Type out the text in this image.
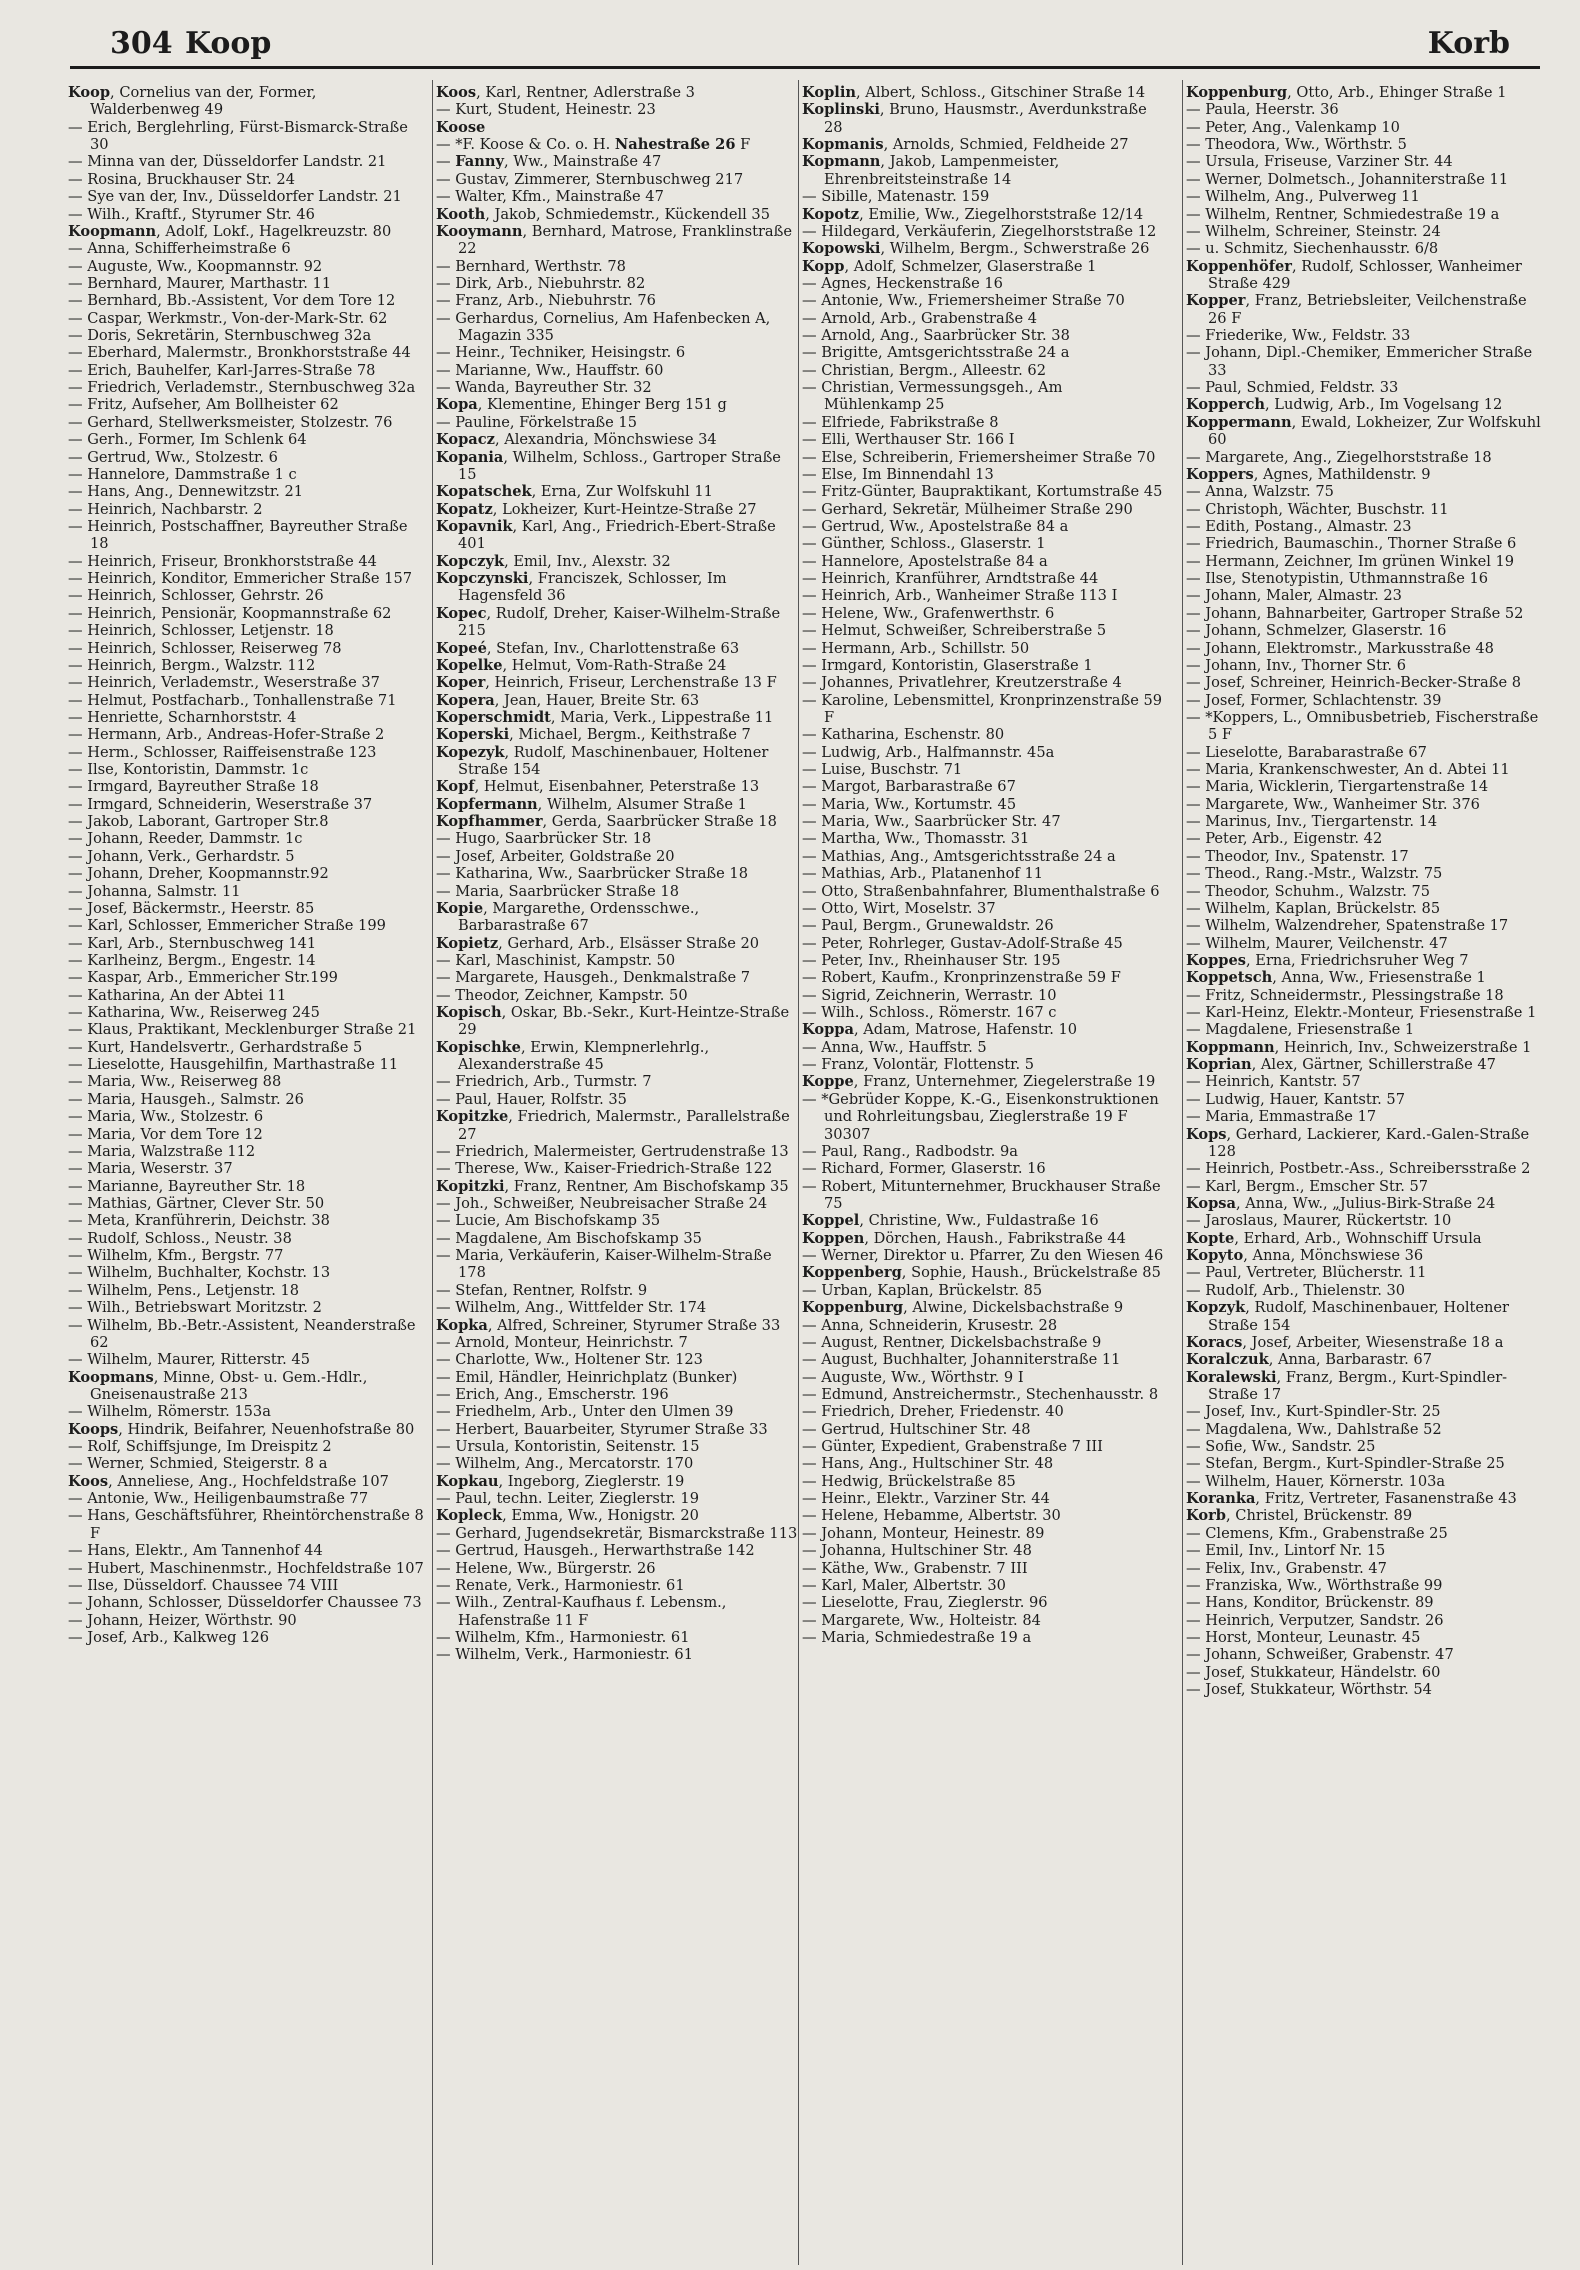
304 Koop	Korb

Koop, Cornelius van der, Former, Walderbenweg 49

— Erich, Berglehrling, Fürst-Bismarck-Straße 30

— Minna van der, Düsseldorfer Landstr. 21

— Rosina, Bruckhauser Str. 24

— Sye van der, Inv., Düsseldorfer Landstr. 21

— Wilh., Kraftf., Styrumer Str. 46

Koopmann, Adolf, Lokf., Hagelkreuzstr. 80

— Anna, Schifferheimstraße 6

— Auguste, Ww., Koopmannstr. 92

— Bernhard, Maurer, Marthastr. 11

— Bernhard, Bb.-Assistent, Vor dem Tore 12

— Caspar, Werkmstr., Von-der-Mark-Str. 62

— Doris, Sekretärin, Sternbuschweg 32a

— Eberhard, Malermstr., Bronkhorststraße 44

— Erich, Bauhelfer, Karl-Jarres-Straße 78

— Friedrich, Verlademstr., Sternbuschweg 32a

— Fritz, Aufseher, Am Bollheister 62

— Gerhard, Stellwerksmeister, Stolzestr. 76

— Gerh., Former, Im Schlenk 64

— Gertrud, Ww., Stolzestr. 6

— Hannelore, Dammstraße 1 c

— Hans, Ang., Dennewitzstr. 21

— Heinrich, Nachbarstr. 2

— Heinrich, Postschaffner, Bayreuther Straße 18

— Heinrich, Friseur, Bronkhorststraße 44

— Heinrich, Konditor, Emmericher Straße 157

— Heinrich, Schlosser, Gehrstr. 26

— Heinrich, Pensionär, Koopmannstraße 62

— Heinrich, Schlosser, Letjenstr. 18

— Heinrich, Schlosser, Reiserweg 78

— Heinrich, Bergm., Walzstr. 112

— Heinrich, Verlademstr., Weserstraße 37

— Helmut, Postfacharb., Tonhallenstraße 71

— Henriette, Scharnhorststr. 4

— Hermann, Arb., Andreas-Hofer-Straße 2

— Herm., Schlosser, Raiffeisenstraße 123

— Ilse, Kontoristin, Dammstr. 1c

— Irmgard, Bayreuther Straße 18

— Irmgard, Schneiderin, Weserstraße 37

— Jakob, Laborant, Gartroper Str.8

— Johann, Reeder, Dammstr. 1c

— Johann, Verk., Gerhardstr. 5

— Johann, Dreher, Koopmannstr.92

— Johanna, Salmstr. 11

— Josef, Bäckermstr., Heerstr. 85

— Karl, Schlosser, Emmericher Straße 199

— Karl, Arb., Sternbuschweg 141

— Karlheinz, Bergm., Engestr. 14

— Kaspar, Arb., Emmericher Str.199

— Katharina, An der Abtei 11

— Katharina, Ww., Reiserweg 245

— Klaus, Praktikant, Mecklenburger Straße 21

— Kurt, Handelsvertr., Gerhardstraße 5

— Lieselotte, Hausgehilfin, Marthastraße 11

— Maria, Ww., Reiserweg 88

— Maria, Hausgeh., Salmstr. 26

— Maria, Ww., Stolzestr. 6

— Maria, Vor dem Tore 12

— Maria, Walzstraße 112

— Maria, Weserstr. 37

— Marianne, Bayreuther Str. 18

— Mathias, Gärtner, Clever Str. 50

— Meta, Kranführerin, Deichstr. 38

— Rudolf, Schloss., Neustr. 38

— Wilhelm, Kfm., Bergstr. 77

— Wilhelm, Buchhalter, Kochstr. 13

— Wilhelm, Pens., Letjenstr. 18

— Wilh., Betriebswart Moritzstr. 2

— Wilhelm, Bb.-Betr.-Assistent, Neanderstraße 62

— Wilhelm, Maurer, Ritterstr. 45

Koopmans, Minne, Obst- u. Gem.-Hdlr., Gneisenaustraße 213

— Wilhelm, Römerstr. 153a

Koops, Hindrik, Beifahrer, Neuenhofstraße 80

— Rolf, Schiffsjunge, Im Dreispitz 2

— Werner, Schmied, Steigerstr. 8 a

Koos, Anneliese, Ang., Hochfeldstraße 107

— Antonie, Ww., Heiligenbaumstraße 77

— Hans, Geschäftsführer, Rheintörchenstraße 8 F

— Hans, Elektr., Am Tannenhof 44

— Hubert, Maschinenmstr., Hochfeldstraße 107

— Ilse, Düsseldorf. Chaussee 74 VIII

— Johann, Schlosser, Düsseldorfer Chaussee 73

— Johann, Heizer, Wörthstr. 90

— Josef, Arb., Kalkweg 126

Koos, Karl, Rentner, Adlerstraße 3

— Kurt, Student, Heinestr. 23

Koose

— *F. Koose & Co. o. H. Nahestraße 26 F

— Fanny, Ww., Mainstraße 47

— Gustav, Zimmerer, Sternbuschweg 217

— Walter, Kfm., Mainstraße 47

Kooth, Jakob, Schmiedemstr., Kückendell 35

Kooymann, Bernhard, Matrose, Franklinstraße 22

— Bernhard, Werthstr. 78

— Dirk, Arb., Niebuhrstr. 82

— Franz, Arb., Niebuhrstr. 76

— Gerhardus, Cornelius, Am Hafenbecken A, Magazin 335

— Heinr., Techniker, Heisingstr. 6

— Marianne, Ww., Hauffstr. 60

— Wanda, Bayreuther Str. 32

Kopa, Klementine, Ehinger Berg 151 g

— Pauline, Förkelstraße 15

Kopacz, Alexandria, Mönchswiese 34

Kopania, Wilhelm, Schloss., Gartroper Straße 15

Kopatschek, Erna, Zur Wolfskuhl 11

Kopatz, Lokheizer, Kurt-Heintze-Straße 27

Kopavnik, Karl, Ang., Friedrich-Ebert-Straße 401

Kopczyk, Emil, Inv., Alexstr. 32

Kopczynski, Franciszek, Schlosser, Im Hagensfeld 36

Kopec, Rudolf, Dreher, Kaiser-Wilhelm-Straße 215

Kopeé, Stefan, Inv., Charlottenstraße 63

Kopelke, Helmut, Vom-Rath-Straße 24

Koper, Heinrich, Friseur, Lerchenstraße 13 F

Kopera, Jean, Hauer, Breite Str. 63

Koperschmidt, Maria, Verk., Lippestraße 11

Koperski, Michael, Bergm., Keithstraße 7

Kopezyk, Rudolf, Maschinenbauer, Holtener Straße 154

Kopf, Helmut, Eisenbahner, Peterstraße 13

Kopfermann, Wilhelm, Alsumer Straße 1

Kopfhammer, Gerda, Saarbrücker Straße 18

— Hugo, Saarbrücker Str. 18

— Josef, Arbeiter, Goldstraße 20

— Katharina, Ww., Saarbrücker Straße 18

— Maria, Saarbrücker Straße 18

Kopie, Margarethe, Ordensschwe., Barbarastraße 67

Kopietz, Gerhard, Arb., Elsässer Straße 20

— Karl, Maschinist, Kampstr. 50

— Margarete, Hausgeh., Denkmalstraße 7

— Theodor, Zeichner, Kampstr. 50

Kopisch, Oskar, Bb.-Sekr., Kurt-Heintze-Straße 29

Kopischke, Erwin, Klempnerlehrlg., Alexanderstraße 45

— Friedrich, Arb., Turmstr. 7

— Paul, Hauer, Rolfstr. 35

Kopitzke, Friedrich, Malermstr., Parallelstraße 27

— Friedrich, Malermeister, Gertrudenstraße 13

— Therese, Ww., Kaiser-Friedrich-Straße 122

Kopitzki, Franz, Rentner, Am Bischofskamp 35

— Joh., Schweißer, Neubreisacher Straße 24

— Lucie, Am Bischofskamp 35

— Magdalene, Am Bischofskamp 35

— Maria, Verkäuferin, Kaiser-Wilhelm-Straße 178

— Stefan, Rentner, Rolfstr. 9

— Wilhelm, Ang., Wittfelder Str. 174

Kopka, Alfred, Schreiner, Styrumer Straße 33

— Arnold, Monteur, Heinrichstr. 7

— Charlotte, Ww., Holtener Str. 123

— Emil, Händler, Heinrichplatz (Bunker)

— Erich, Ang., Emscherstr. 196

— Friedhelm, Arb., Unter den Ulmen 39

— Herbert, Bauarbeiter, Styrumer Straße 33

— Ursula, Kontoristin, Seitenstr. 15

— Wilhelm, Ang., Mercatorstr. 170

Kopkau, Ingeborg, Zieglerstr. 19

— Paul, techn. Leiter, Zieglerstr. 19

Kopleck, Emma, Ww., Honigstr. 20

— Gerhard, Jugendsekretär, Bismarckstraße 113

— Gertrud, Hausgeh., Herwarthstraße 142

— Helene, Ww., Bürgerstr. 26

— Renate, Verk., Harmoniestr. 61

— Wilh., Zentral-Kaufhaus f. Lebensm., Hafenstraße 11 F

— Wilhelm, Kfm., Harmoniestr. 61

— Wilhelm, Verk., Harmoniestr. 61

Koplin, Albert, Schloss., Gitschiner Straße 14

Koplinski, Bruno, Hausmstr., Averdunkstraße 28

Kopmanis, Arnolds, Schmied, Feldheide 27

Kopmann, Jakob, Lampenmeister, Ehrenbreitsteinstraße 14

— Sibille, Matenastr. 159

Kopotz, Emilie, Ww., Ziegelhorststraße 12/14

— Hildegard, Verkäuferin, Ziegelhorststraße 12

Kopowski, Wilhelm, Bergm., Schwerstraße 26

Kopp, Adolf, Schmelzer, Glaserstraße 1

— Agnes, Heckenstraße 16

— Antonie, Ww., Friemersheimer Straße 70

— Arnold, Arb., Grabenstraße 4

— Arnold, Ang., Saarbrücker Str. 38

— Brigitte, Amtsgerichtsstraße 24 a

— Christian, Bergm., Alleestr. 62

— Christian, Vermessungsgeh., Am Mühlenkamp 25

— Elfriede, Fabrikstraße 8

— Elli, Werthauser Str. 166 I

— Else, Schreiberin, Friemersheimer Straße 70

— Else, Im Binnendahl 13

— Fritz-Günter, Baupraktikant, Kortumstraße 45

— Gerhard, Sekretär, Mülheimer Straße 290

— Gertrud, Ww., Apostelstraße 84 a

— Günther, Schloss., Glaserstr. 1

— Hannelore, Apostelstraße 84 a

— Heinrich, Kranführer, Arndtstraße 44

— Heinrich, Arb., Wanheimer Straße 113 I

— Helene, Ww., Grafenwerthstr. 6

— Helmut, Schweißer, Schreiberstraße 5

— Hermann, Arb., Schillstr. 50

— Irmgard, Kontoristin, Glaserstraße 1

— Johannes, Privatlehrer, Kreutzerstraße 4

— Karoline, Lebensmittel, Kronprinzenstraße 59 F

— Katharina, Eschenstr. 80

— Ludwig, Arb., Halfmannstr. 45a

— Luise, Buschstr. 71

— Margot, Barbarastraße 67

— Maria, Ww., Kortumstr. 45

— Maria, Ww., Saarbrücker Str. 47

— Martha, Ww., Thomasstr. 31

— Mathias, Ang., Amtsgerichtsstraße 24 a

— Mathias, Arb., Platanenhof 11

— Otto, Straßenbahnfahrer, Blumenthalstraße 6

— Otto, Wirt, Moselstr. 37

— Paul, Bergm., Grunewaldstr. 26

— Peter, Rohrleger, Gustav-Adolf-Straße 45

— Peter, Inv., Rheinhauser Str. 195

— Robert, Kaufm., Kronprinzenstraße 59 F

— Sigrid, Zeichnerin, Werrastr. 10

— Wilh., Schloss., Römerstr. 167 c

Koppa, Adam, Matrose, Hafenstr. 10

— Anna, Ww., Hauffstr. 5

— Franz, Volontär, Flottenstr. 5

Koppe, Franz, Unternehmer, Ziegelerstraße 19

— *Gebrüder Koppe, K.-G., Eisenkonstruktionen und Rohrleitungsbau, Zieglerstraße 19 F 30307

— Paul, Rang., Radbodstr. 9a

— Richard, Former, Glaserstr. 16

— Robert, Mitunternehmer, Bruckhauser Straße 75

Koppel, Christine, Ww., Fuldastraße 16

Koppen, Dörchen, Haush., Fabrikstraße 44

— Werner, Direktor u. Pfarrer, Zu den Wiesen 46

Koppenberg, Sophie, Haush., Brückelstraße 85

— Urban, Kaplan, Brückelstr. 85

Koppenburg, Alwine, Dickelsbachstraße 9

— Anna, Schneiderin, Krusestr. 28

— August, Rentner, Dickelsbachstraße 9

— August, Buchhalter, Johanniterstraße 11

— Auguste, Ww., Wörthstr. 9 I

— Edmund, Anstreichermstr., Stechenhausstr. 8

— Friedrich, Dreher, Friedenstr. 40

— Gertrud, Hultschiner Str. 48

— Günter, Expedient, Grabenstraße 7 III

— Hans, Ang., Hultschiner Str. 48

— Hedwig, Brückelstraße 85

— Heinr., Elektr., Varziner Str. 44

— Helene, Hebamme, Albertstr. 30

— Johann, Monteur, Heinestr. 89

— Johanna, Hultschiner Str. 48

— Käthe, Ww., Grabenstr. 7 III

— Karl, Maler, Albertstr. 30

— Lieselotte, Frau, Zieglerstr. 96

— Margarete, Ww., Holteistr. 84

— Maria, Schmiedestraße 19 a

Koppenburg, Otto, Arb., Ehinger Straße 1

— Paula, Heerstr. 36

— Peter, Ang., Valenkamp 10

— Theodora, Ww., Wörthstr. 5

— Ursula, Friseuse, Varziner Str. 44

— Werner, Dolmetsch., Johanniterstraße 11

— Wilhelm, Ang., Pulverweg 11

— Wilhelm, Rentner, Schmiedestraße 19 a

— Wilhelm, Schreiner, Steinstr. 24

— u. Schmitz, Siechenhausstr. 6/8

Koppenhöfer, Rudolf, Schlosser, Wanheimer Straße 429

Kopper, Franz, Betriebsleiter, Veilchenstraße 26 F

— Friederike, Ww., Feldstr. 33

— Johann, Dipl.-Chemiker, Emmericher Straße 33

— Paul, Schmied, Feldstr. 33

Kopperch, Ludwig, Arb., Im Vogelsang 12

Koppermann, Ewald, Lokheizer, Zur Wolfskuhl 60

— Margarete, Ang., Ziegelhorststraße 18

Koppers, Agnes, Mathildenstr. 9

— Anna, Walzstr. 75

— Christoph, Wächter, Buschstr. 11

— Edith, Postang., Almastr. 23

— Friedrich, Baumaschin., Thorner Straße 6

— Hermann, Zeichner, Im grünen Winkel 19

— Ilse, Stenotypistin, Uthmannstraße 16

— Johann, Maler, Almastr. 23

— Johann, Bahnarbeiter, Gartroper Straße 52

— Johann, Schmelzer, Glaserstr. 16

— Johann, Elektromstr., Markusstraße 48

— Johann, Inv., Thorner Str. 6

— Josef, Schreiner, Heinrich-Becker-Straße 8

— Josef, Former, Schlachtenstr. 39

— *Koppers, L., Omnibusbetrieb, Fischerstraße 5 F

— Lieselotte, Barabarastraße 67

— Maria, Krankenschwester, An d. Abtei 11

— Maria, Wicklerin, Tiergartenstraße 14

— Margarete, Ww., Wanheimer Str. 376

— Marinus, Inv., Tiergartenstr. 14

— Peter, Arb., Eigenstr. 42

— Theodor, Inv., Spatenstr. 17

— Theod., Rang.-Mstr., Walzstr. 75

— Theodor, Schuhm., Walzstr. 75

— Wilhelm, Kaplan, Brückelstr. 85

— Wilhelm, Walzendreher, Spatenstraße 17

— Wilhelm, Maurer, Veilchenstr. 47

Koppes, Erna, Friedrichsruher Weg 7

Koppetsch, Anna, Ww., Friesenstraße 1

— Fritz, Schneidermstr., Plessingstraße 18

— Karl-Heinz, Elektr.-Monteur, Friesenstraße 1

— Magdalene, Friesenstraße 1

Koppmann, Heinrich, Inv., Schweizerstraße 1

Koprian, Alex, Gärtner, Schillerstraße 47

— Heinrich, Kantstr. 57

— Ludwig, Hauer, Kantstr. 57

— Maria, Emmastraße 17

Kops, Gerhard, Lackierer, Kard.-Galen-Straße 128

— Heinrich, Postbetr.-Ass., Schreibersstraße 2

— Karl, Bergm., Emscher Str. 57

Kopsa, Anna, Ww., „Julius-Birk-Straße 24

— Jaroslaus, Maurer, Rückertstr. 10

Kopte, Erhard, Arb., Wohnschiff Ursula

Kopyto, Anna, Mönchswiese 36

— Paul, Vertreter, Blücherstr. 11

— Rudolf, Arb., Thielenstr. 30

Kopzyk, Rudolf, Maschinenbauer, Holtener Straße 154

Koracs, Josef, Arbeiter, Wiesenstraße 18 a

Koralczuk, Anna, Barbarastr. 67

Koralewski, Franz, Bergm., Kurt-Spindler-Straße 17

— Josef, Inv., Kurt-Spindler-Str. 25

— Magdalena, Ww., Dahlstraße 52

— Sofie, Ww., Sandstr. 25

— Stefan, Bergm., Kurt-Spindler-Straße 25

— Wilhelm, Hauer, Körnerstr. 103a

Koranka, Fritz, Vertreter, Fasanenstraße 43

Korb, Christel, Brückenstr. 89

— Clemens, Kfm., Grabenstraße 25

— Emil, Inv., Lintorf Nr. 15

— Felix, Inv., Grabenstr. 47

— Franziska, Ww., Wörthstraße 99

— Hans, Konditor, Brückenstr. 89

— Heinrich, Verputzer, Sandstr. 26

— Horst, Monteur, Leunastr. 45

— Johann, Schweißer, Grabenstr. 47

— Josef, Stukkateur, Händelstr. 60

— Josef, Stukkateur, Wörthstr. 54
